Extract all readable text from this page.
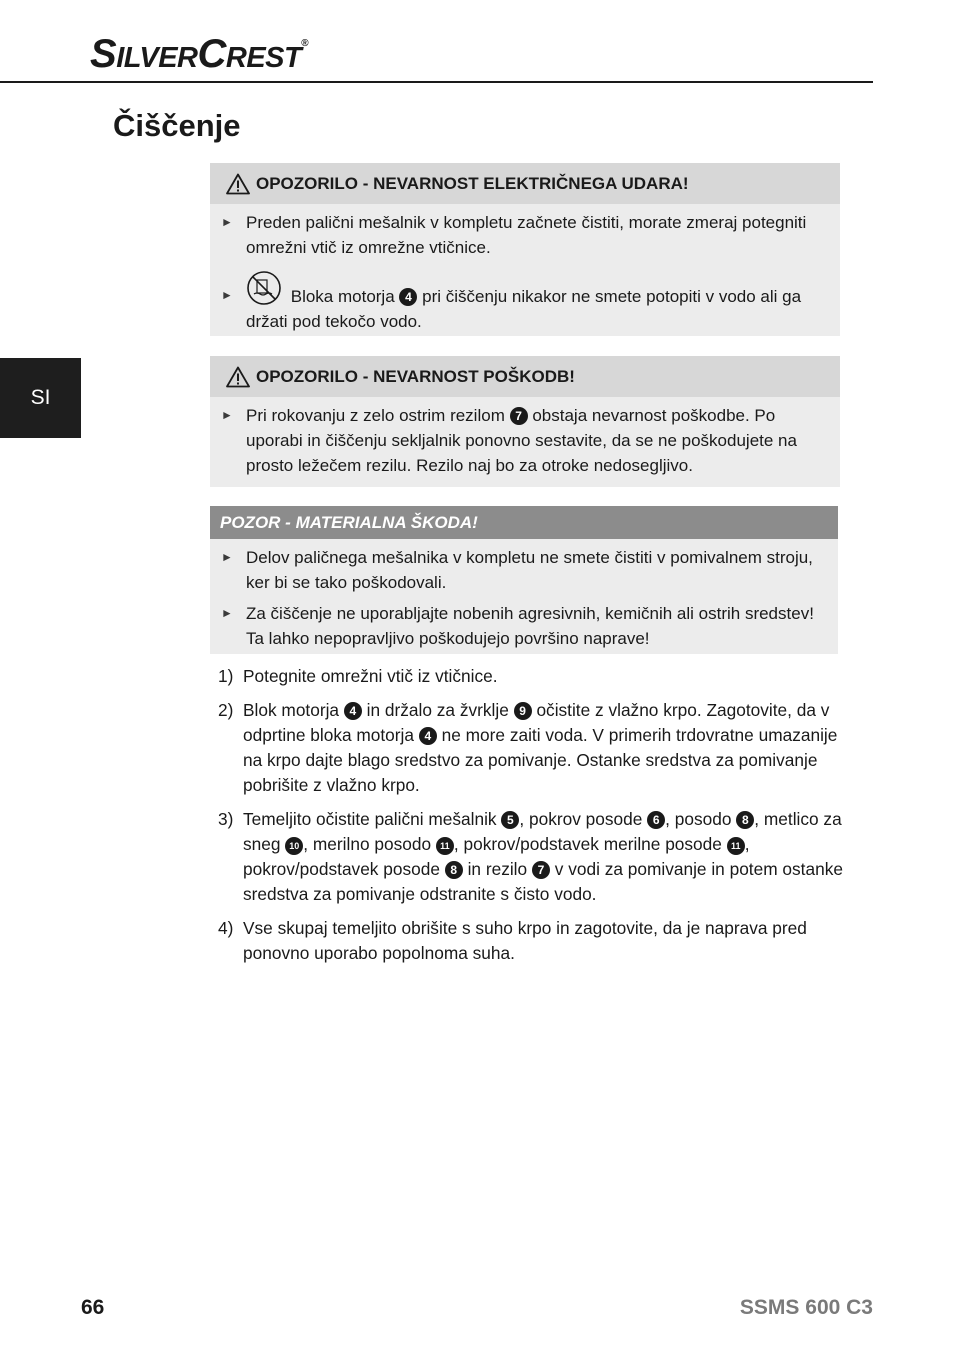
SILVERCREST®
Čiščenje
SI
OPOZORILO - NEVARNOST ELEKTRIČNEGA UDARA!
► Preden palični mešalnik v kompletu začnete čistiti, morate zmeraj potegniti omrežni vtič iz omrežne vtičnice.
►	Bloka motorja 4 pri čiščenju nikakor ne smete potopiti v vodo ali ga držati pod tekočo vodo.
OPOZORILO - NEVARNOST POŠKODB!
► Pri rokovanju z zelo ostrim rezilom 7 obstaja nevarnost poškodbe. Po uporabi in čiščenju sekljalnik ponovno sestavite, da se ne poškodujete na prosto ležečem rezilu. Rezilo naj bo za otroke nedosegljivo.
POZOR - MATERIALNA ŠKODA!
► Delov paličnega mešalnika v kompletu ne smete čistiti v pomivalnem stroju, ker bi se tako poškodovali.
► Za čiščenje ne uporabljajte nobenih agresivnih, kemičnih ali ostrih sredstev! Ta lahko nepopravljivo poškodujejo površino naprave!
1) Potegnite omrežni vtič iz vtičnice.
2) Blok motorja 4 in držalo za žvrklje 9 očistite z vlažno krpo. Zagotovite, da v odprtine bloka motorja 4 ne more zaiti voda. V primerih trdovratne umazanije na krpo dajte blago sredstvo za pomivanje. Ostanke sredstva za pomivanje pobrišite z vlažno krpo.
3) Temeljito očistite palični mešalnik 5 , pokrov posode 6 , posodo 8 , metlico za sneg 10 , merilno posodo 11 , pokrov/podstavek merilne posode 11 , pokrov/podstavek posode 8 in rezilo 7 v vodi za pomivanje in potem ostanke sredstva za pomivanje odstranite s čisto vodo.
4) Vse skupaj temeljito obrišite s suho krpo in zagotovite, da je naprava pred ponovno uporabo popolnoma suha.
66	SSMS 600 C3
